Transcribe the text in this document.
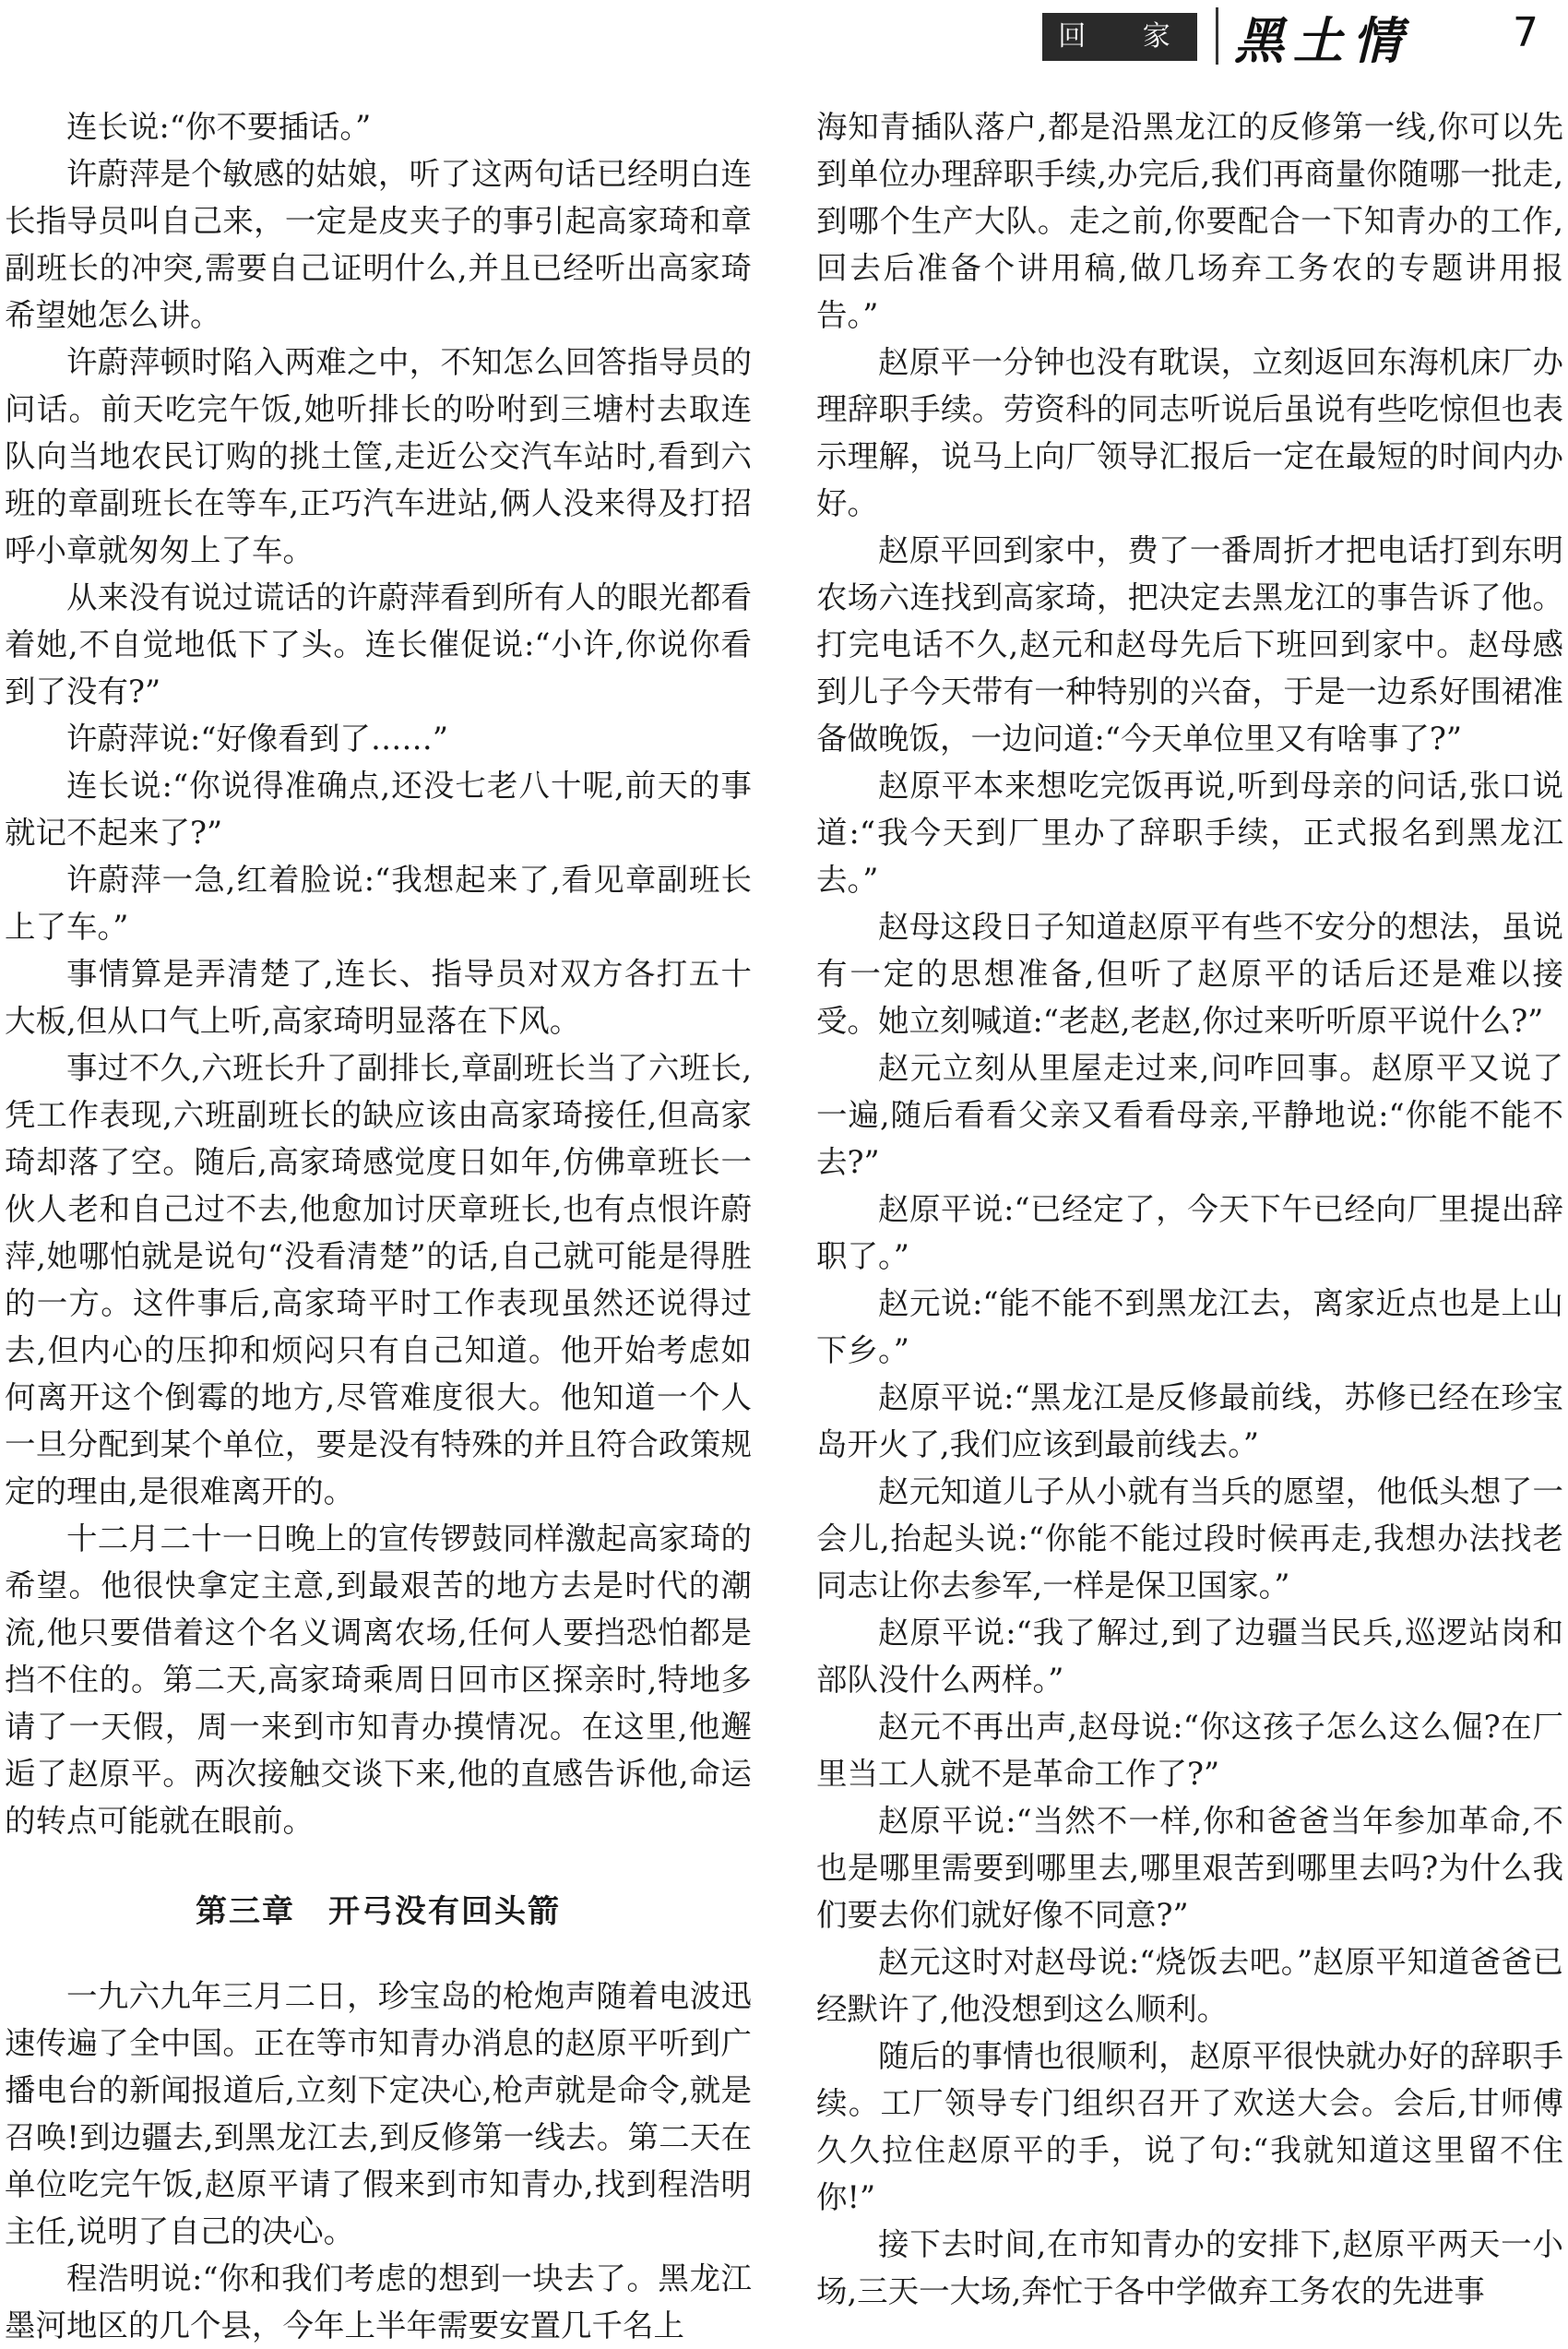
回 家 黑土情	7

连长说:“你不要插话。”

许蔚萍是个敏感的姑娘，听了这两句话已经明白连长指导员叫自己来，一定是皮夹子的事引起高家琦和章副班长的冲突,需要自己证明什么,并且已经听出高家琦希望她怎么讲。

许蔚萍顿时陷入两难之中，不知怎么回答指导员的问话。前天吃完午饭,她听排长的吩咐到三塘村去取连队向当地农民订购的挑土筐,走近公交汽车站时,看到六班的章副班长在等车,正巧汽车进站,俩人没来得及打招呼小章就匆匆上了车。

从来没有说过谎话的许蔚萍看到所有人的眼光都看着她,不自觉地低下了头。连长催促说:“小许,你说你看到了没有?”

许蔚萍说:“好像看到了……”

连长说:“你说得准确点,还没七老八十呢,前天的事就记不起来了?”

许蔚萍一急,红着脸说:“我想起来了,看见章副班长上了车。”

事情算是弄清楚了,连长、指导员对双方各打五十大板,但从口气上听,高家琦明显落在下风。

事过不久,六班长升了副排长,章副班长当了六班长,凭工作表现,六班副班长的缺应该由高家琦接任,但高家琦却落了空。随后,高家琦感觉度日如年,仿佛章班长一伙人老和自己过不去,他愈加讨厌章班长,也有点恨许蔚萍,她哪怕就是说句“没看清楚”的话,自己就可能是得胜的一方。这件事后,高家琦平时工作表现虽然还说得过去,但内心的压抑和烦闷只有自己知道。他开始考虑如何离开这个倒霉的地方,尽管难度很大。他知道一个人一旦分配到某个单位，要是没有特殊的并且符合政策规定的理由,是很难离开的。

十二月二十一日晚上的宣传锣鼓同样激起高家琦的希望。他很快拿定主意,到最艰苦的地方去是时代的潮流,他只要借着这个名义调离农场,任何人要挡恐怕都是挡不住的。第二天,高家琦乘周日回市区探亲时,特地多请了一天假，周一来到市知青办摸情况。在这里,他邂逅了赵原平。两次接触交谈下来,他的直感告诉他,命运的转点可能就在眼前。

第三章　开弓没有回头箭

一九六九年三月二日，珍宝岛的枪炮声随着电波迅速传遍了全中国。正在等市知青办消息的赵原平听到广播电台的新闻报道后,立刻下定决心,枪声就是命令,就是召唤!到边疆去,到黑龙江去,到反修第一线去。第二天在单位吃完午饭,赵原平请了假来到市知青办,找到程浩明主任,说明了自己的决心。

程浩明说:“你和我们考虑的想到一块去了。黑龙江墨河地区的几个县，今年上半年需要安置几千名上

海知青插队落户,都是沿黑龙江的反修第一线,你可以先到单位办理辞职手续,办完后,我们再商量你随哪一批走,到哪个生产大队。走之前,你要配合一下知青办的工作,回去后准备个讲用稿,做几场弃工务农的专题讲用报告。”

赵原平一分钟也没有耽误，立刻返回东海机床厂办理辞职手续。劳资科的同志听说后虽说有些吃惊但也表示理解，说马上向厂领导汇报后一定在最短的时间内办好。

赵原平回到家中，费了一番周折才把电话打到东明农场六连找到高家琦，把决定去黑龙江的事告诉了他。打完电话不久,赵元和赵母先后下班回到家中。赵母感到儿子今天带有一种特别的兴奋，于是一边系好围裙准备做晚饭，一边问道:“今天单位里又有啥事了?”

赵原平本来想吃完饭再说,听到母亲的问话,张口说道:“我今天到厂里办了辞职手续，正式报名到黑龙江去。”

赵母这段日子知道赵原平有些不安分的想法，虽说有一定的思想准备,但听了赵原平的话后还是难以接受。她立刻喊道:“老赵,老赵,你过来听听原平说什么?”

赵元立刻从里屋走过来,问咋回事。赵原平又说了一遍,随后看看父亲又看看母亲,平静地说:“你能不能不去?”

赵原平说:“已经定了，今天下午已经向厂里提出辞职了。”

赵元说:“能不能不到黑龙江去，离家近点也是上山下乡。”

赵原平说:“黑龙江是反修最前线，苏修已经在珍宝岛开火了,我们应该到最前线去。”

赵元知道儿子从小就有当兵的愿望，他低头想了一会儿,抬起头说:“你能不能过段时候再走,我想办法找老同志让你去参军,一样是保卫国家。”

赵原平说:“我了解过,到了边疆当民兵,巡逻站岗和部队没什么两样。”

赵元不再出声,赵母说:“你这孩子怎么这么倔?在厂里当工人就不是革命工作了?”

赵原平说:“当然不一样,你和爸爸当年参加革命,不也是哪里需要到哪里去,哪里艰苦到哪里去吗?为什么我们要去你们就好像不同意?”

赵元这时对赵母说:“烧饭去吧。”赵原平知道爸爸已经默许了,他没想到这么顺利。

随后的事情也很顺利，赵原平很快就办好的辞职手续。工厂领导专门组织召开了欢送大会。会后,甘师傅久久拉住赵原平的手，说了句:“我就知道这里留不住你!”

接下去时间,在市知青办的安排下,赵原平两天一小场,三天一大场,奔忙于各中学做弃工务农的先进事
